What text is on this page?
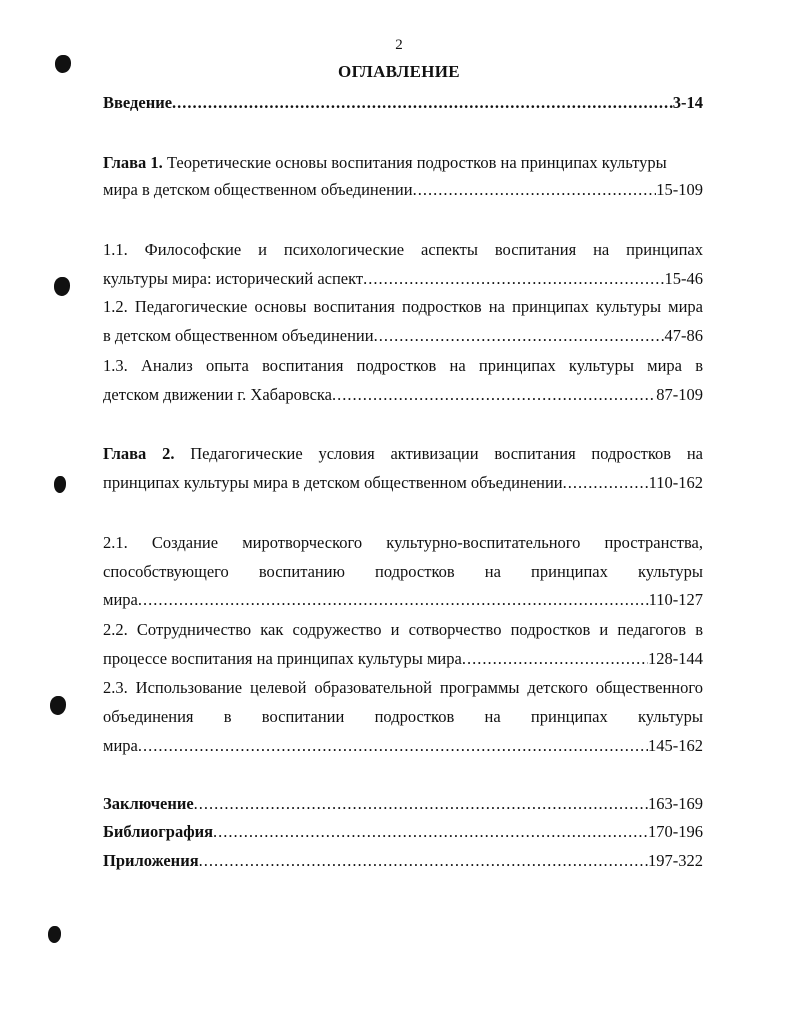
2
ОГЛАВЛЕНИЕ
Введение .....	3-14
Глава 1. Теоретические основы воспитания подростков на принципах культуры
мира в детском общественном объединении .....	15-109
1.1. Философские и психологические аспекты воспитания на принципах
культуры мира: исторический аспект .....	15-46
1.2. Педагогические основы воспитания подростков на принципах культуры мира
в детском общественном объединении .....	47-86
1.3. Анализ опыта воспитания подростков на принципах культуры мира в
детском движении г. Хабаровска .....	87-109
Глава 2. Педагогические условия активизации воспитания подростков на
принципах культуры мира в детском общественном объединении .....	110-162
2.1. Создание миротворческого культурно-воспитательного пространства,
способствующего воспитанию подростков на принципах культуры
мира .....	110-127
2.2. Сотрудничество как содружество и сотворчество подростков и педагогов в
процессе воспитания на принципах культуры мира .....	128-144
2.3. Использование целевой образовательной программы детского общественного
объединения в воспитании подростков на принципах культуры
мира .....	145-162
Заключение .....	163-169
Библиография .....	170-196
Приложения .....	197-322
